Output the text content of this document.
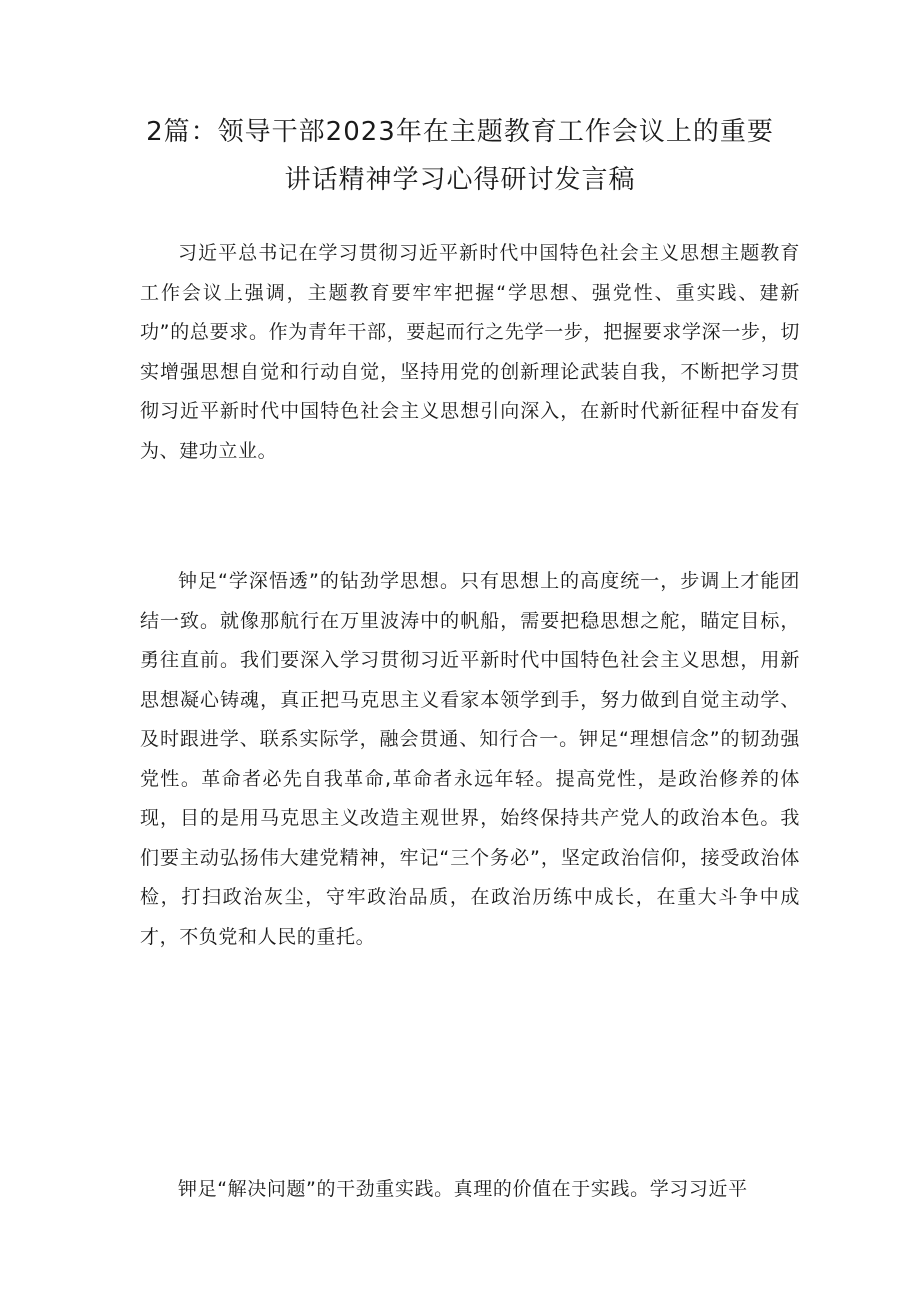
2篇：领导干部2023年在主题教育工作会议上的重要
讲话精神学习心得研讨发言稿

习近平总书记在学习贯彻习近平新时代中国特色社会主义思想主题教育工作会议上强调，主题教育要牢牢把握“学思想、强党性、重实践、建新功”的总要求。作为青年干部，要起而行之先学一步，把握要求学深一步，切实增强思想自觉和行动自觉，坚持用党的创新理论武装自我，不断把学习贯彻习近平新时代中国特色社会主义思想引向深入，在新时代新征程中奋发有为、建功立业。

钟足“学深悟透”的钻劲学思想。只有思想上的高度统一，步调上才能团结一致。就像那航行在万里波涛中的帆船，需要把稳思想之舵，瞄定目标，勇往直前。我们要深入学习贯彻习近平新时代中国特色社会主义思想，用新思想凝心铸魂，真正把马克思主义看家本领学到手，努力做到自觉主动学、及时跟进学、联系实际学，融会贯通、知行合一。钾足“理想信念”的韧劲强党性。革命者必先自我革命,革命者永远年轻。提高党性，是政治修养的体现，目的是用马克思主义改造主观世界，始终保持共产党人的政治本色。我们要主动弘扬伟大建党精神，牢记“三个务必”，坚定政治信仰，接受政治体检，打扫政治灰尘，守牢政治品质，在政治历练中成长，在重大斗争中成才，不负党和人民的重托。

钾足“解决问题”的干劲重实践。真理的价值在于实践。学习习近平
